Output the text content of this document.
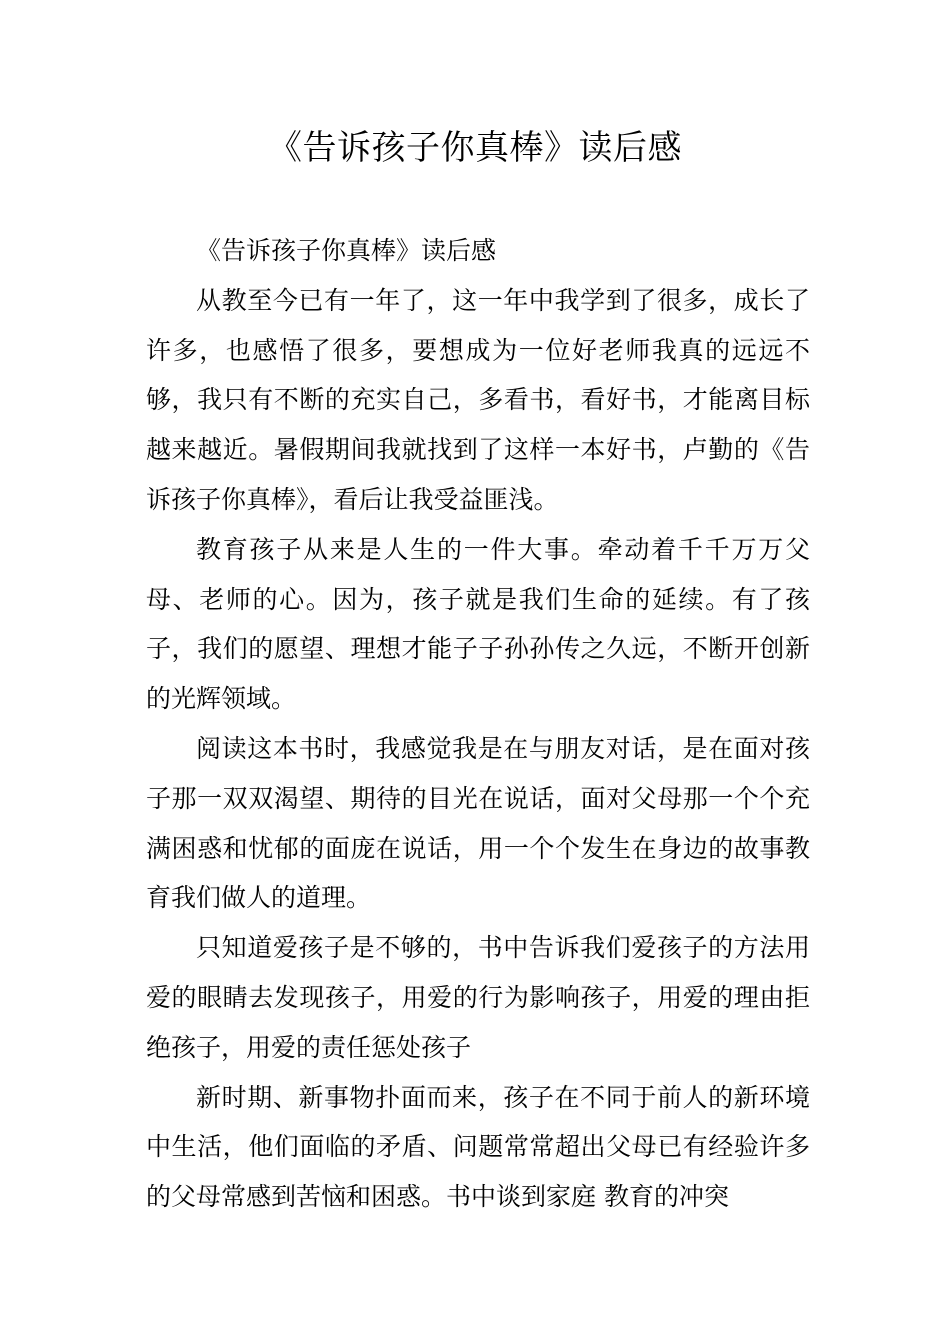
《告诉孩子你真棒》读后感

《告诉孩子你真棒》读后感

从教至今已有一年了，这一年中我学到了很多，成长了许多，也感悟了很多，要想成为一位好老师我真的远远不够，我只有不断的充实自己，多看书，看好书，才能离目标越来越近。暑假期间我就找到了这样一本好书，卢勤的《告诉孩子你真棒》，看后让我受益匪浅。

教育孩子从来是人生的一件大事。牵动着千千万万父母、老师的心。因为，孩子就是我们生命的延续。有了孩子，我们的愿望、理想才能子子孙孙传之久远，不断开创新的光辉领域。

阅读这本书时，我感觉我是在与朋友对话，是在面对孩子那一双双渴望、期待的目光在说话，面对父母那一个个充满困惑和忧郁的面庞在说话，用一个个发生在身边的故事教育我们做人的道理。

只知道爱孩子是不够的，书中告诉我们爱孩子的方法用爱的眼睛去发现孩子，用爱的行为影响孩子，用爱的理由拒绝孩子，用爱的责任惩处孩子

新时期、新事物扑面而来，孩子在不同于前人的新环境中生活，他们面临的矛盾、问题常常超出父母已有经验许多的父母常感到苦恼和困惑。书中谈到家庭 教育的冲突
